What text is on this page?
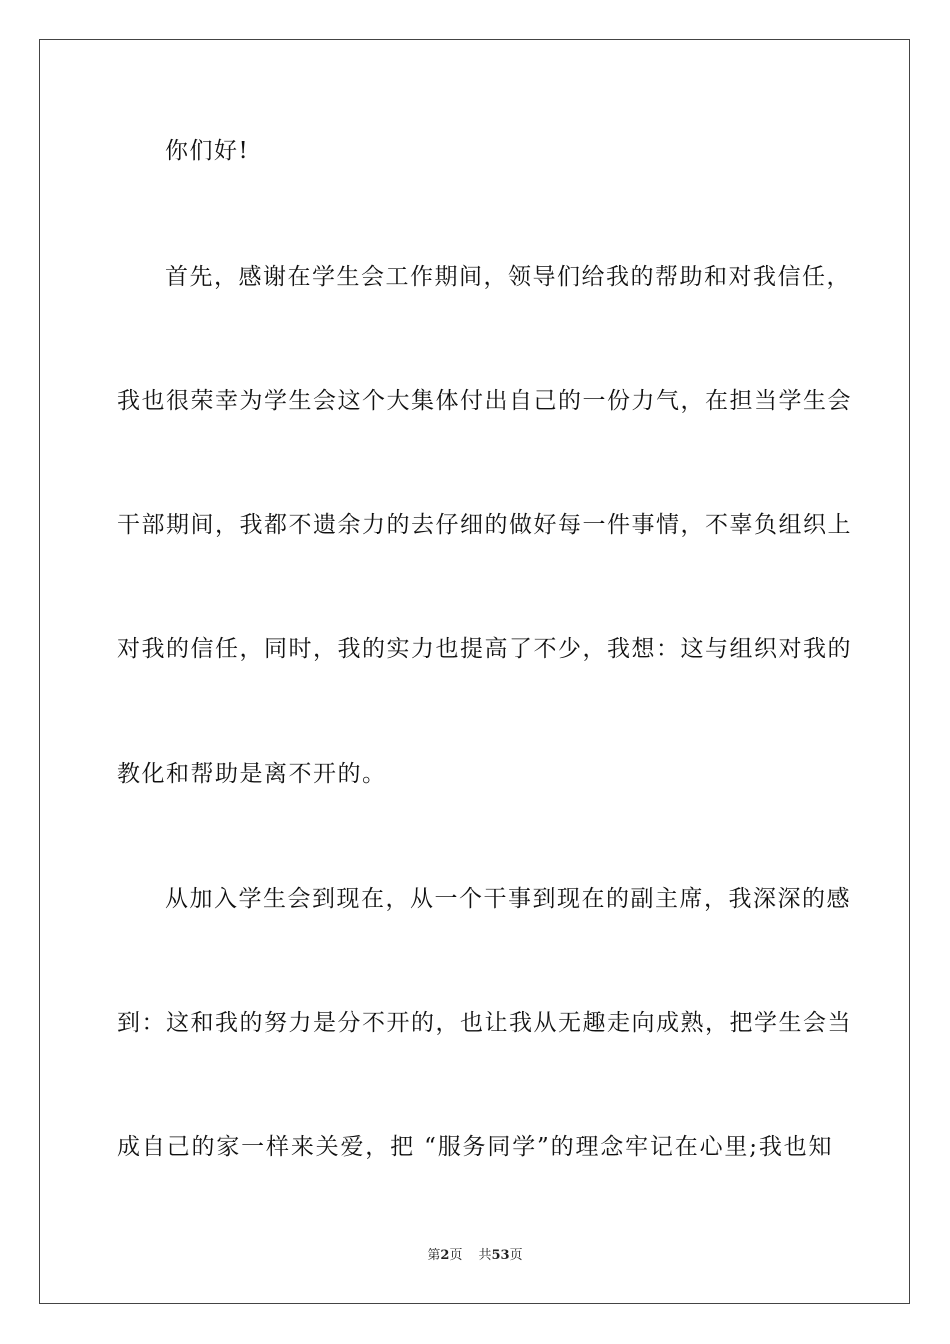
你们好!
首先，感谢在学生会工作期间，领导们给我的帮助和对我信任，
我也很荣幸为学生会这个大集体付出自己的一份力气，在担当学生会
干部期间，我都不遗余力的去仔细的做好每一件事情，不辜负组织上
对我的信任，同时，我的实力也提高了不少，我想：这与组织对我的
教化和帮助是离不开的。
从加入学生会到现在，从一个干事到现在的副主席，我深深的感
到：这和我的努力是分不开的，也让我从无趣走向成熟，把学生会当
成自己的家一样来关爱，把 “服务同学”的理念牢记在心里;我也知
第2页 共53页
